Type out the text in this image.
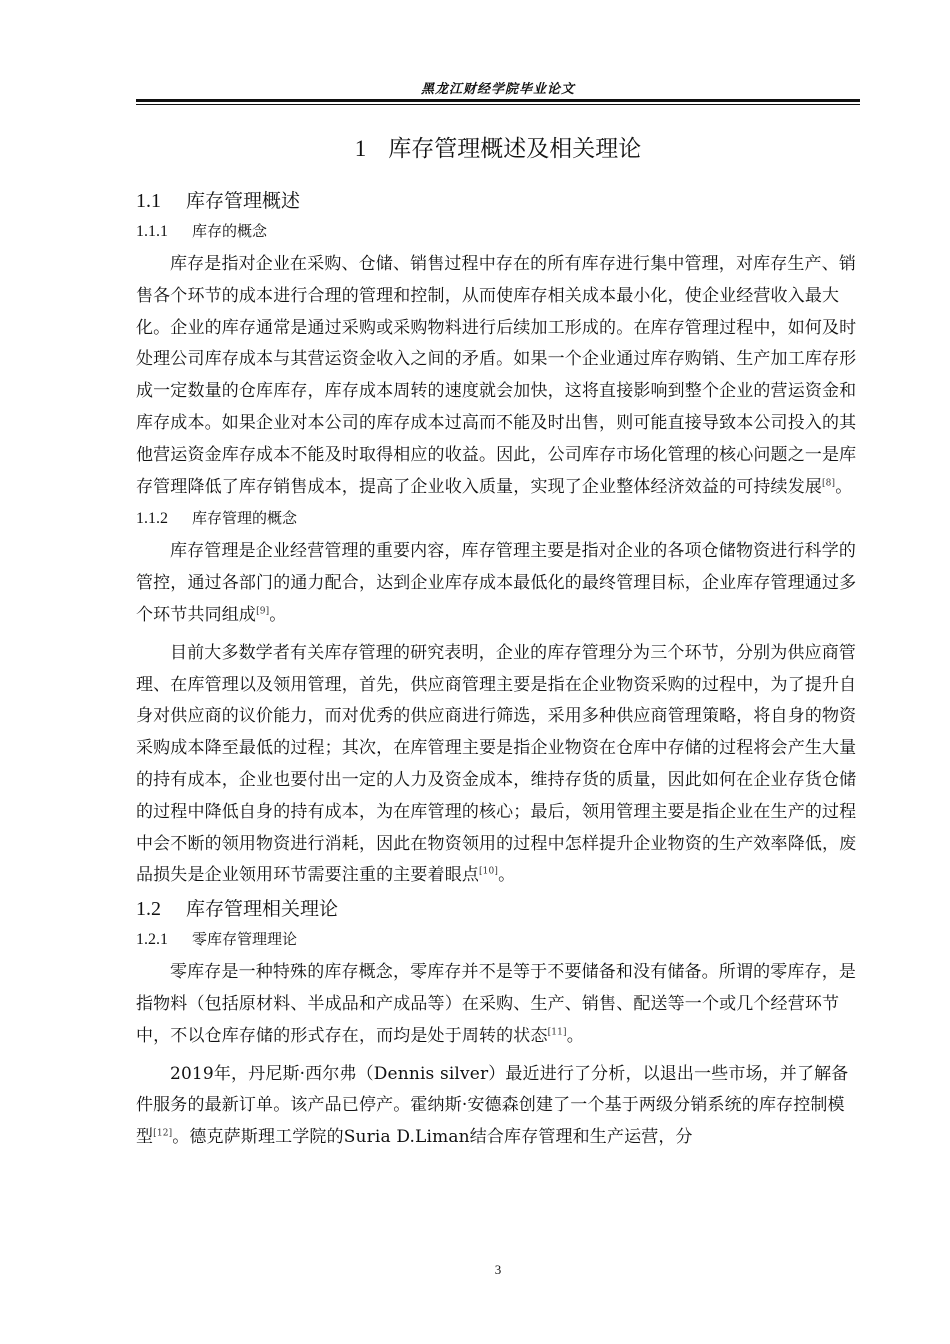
黑龙江财经学院毕业论文
1 库存管理概述及相关理论
1.1 库存管理概述
1.1.1 库存的概念

库存是指对企业在采购、仓储、销售过程中存在的所有库存进行集中管理，对库存生产、销售各个环节的成本进行合理的管理和控制，从而使库存相关成本最小化，使企业经营收入最大化。企业的库存通常是通过采购或采购物料进行后续加工形成的。在库存管理过程中，如何及时处理公司库存成本与其营运资金收入之间的矛盾。如果一个企业通过库存购销、生产加工库存形成一定数量的仓库库存，库存成本周转的速度就会加快，这将直接影响到整个企业的营运资金和库存成本。如果企业对本公司的库存成本过高而不能及时出售，则可能直接导致本公司投入的其他营运资金库存成本不能及时取得相应的收益。因此，公司库存市场化管理的核心问题之一是库存管理降低了库存销售成本，提高了企业收入质量，实现了企业整体经济效益的可持续发展[8]。

1.1.2 库存管理的概念

库存管理是企业经营管理的重要内容，库存管理主要是指对企业的各项仓储物资进行科学的管控，通过各部门的通力配合，达到企业库存成本最低化的最终管理目标，企业库存管理通过多个环节共同组成[9]。

目前大多数学者有关库存管理的研究表明，企业的库存管理分为三个环节，分别为供应商管理、在库管理以及领用管理，首先，供应商管理主要是指在企业物资采购的过程中，为了提升自身对供应商的议价能力，而对优秀的供应商进行筛选，采用多种供应商管理策略，将自身的物资采购成本降至最低的过程；其次，在库管理主要是指企业物资在仓库中存储的过程将会产生大量的持有成本，企业也要付出一定的人力及资金成本，维持存货的质量，因此如何在企业存货仓储的过程中降低自身的持有成本，为在库管理的核心；最后，领用管理主要是指企业在生产的过程中会不断的领用物资进行消耗，因此在物资领用的过程中怎样提升企业物资的生产效率降低，废品损失是企业领用环节需要注重的主要着眼点[10]。

1.2 库存管理相关理论
1.2.1 零库存管理理论

零库存是一种特殊的库存概念，零库存并不是等于不要储备和没有储备。所谓的零库存，是指物料（包括原材料、半成品和产成品等）在采购、生产、销售、配送等一个或几个经营环节中，不以仓库存储的形式存在，而均是处于周转的状态[11]。

2019年，丹尼斯·西尔弗（Dennis silver）最近进行了分析，以退出一些市场，并了解备件服务的最新订单。该产品已停产。霍纳斯·安德森创建了一个基于两级分销系统的库存控制模型[12]。德克萨斯理工学院的Suria D.Liman结合库存管理和生产运营，分

3
